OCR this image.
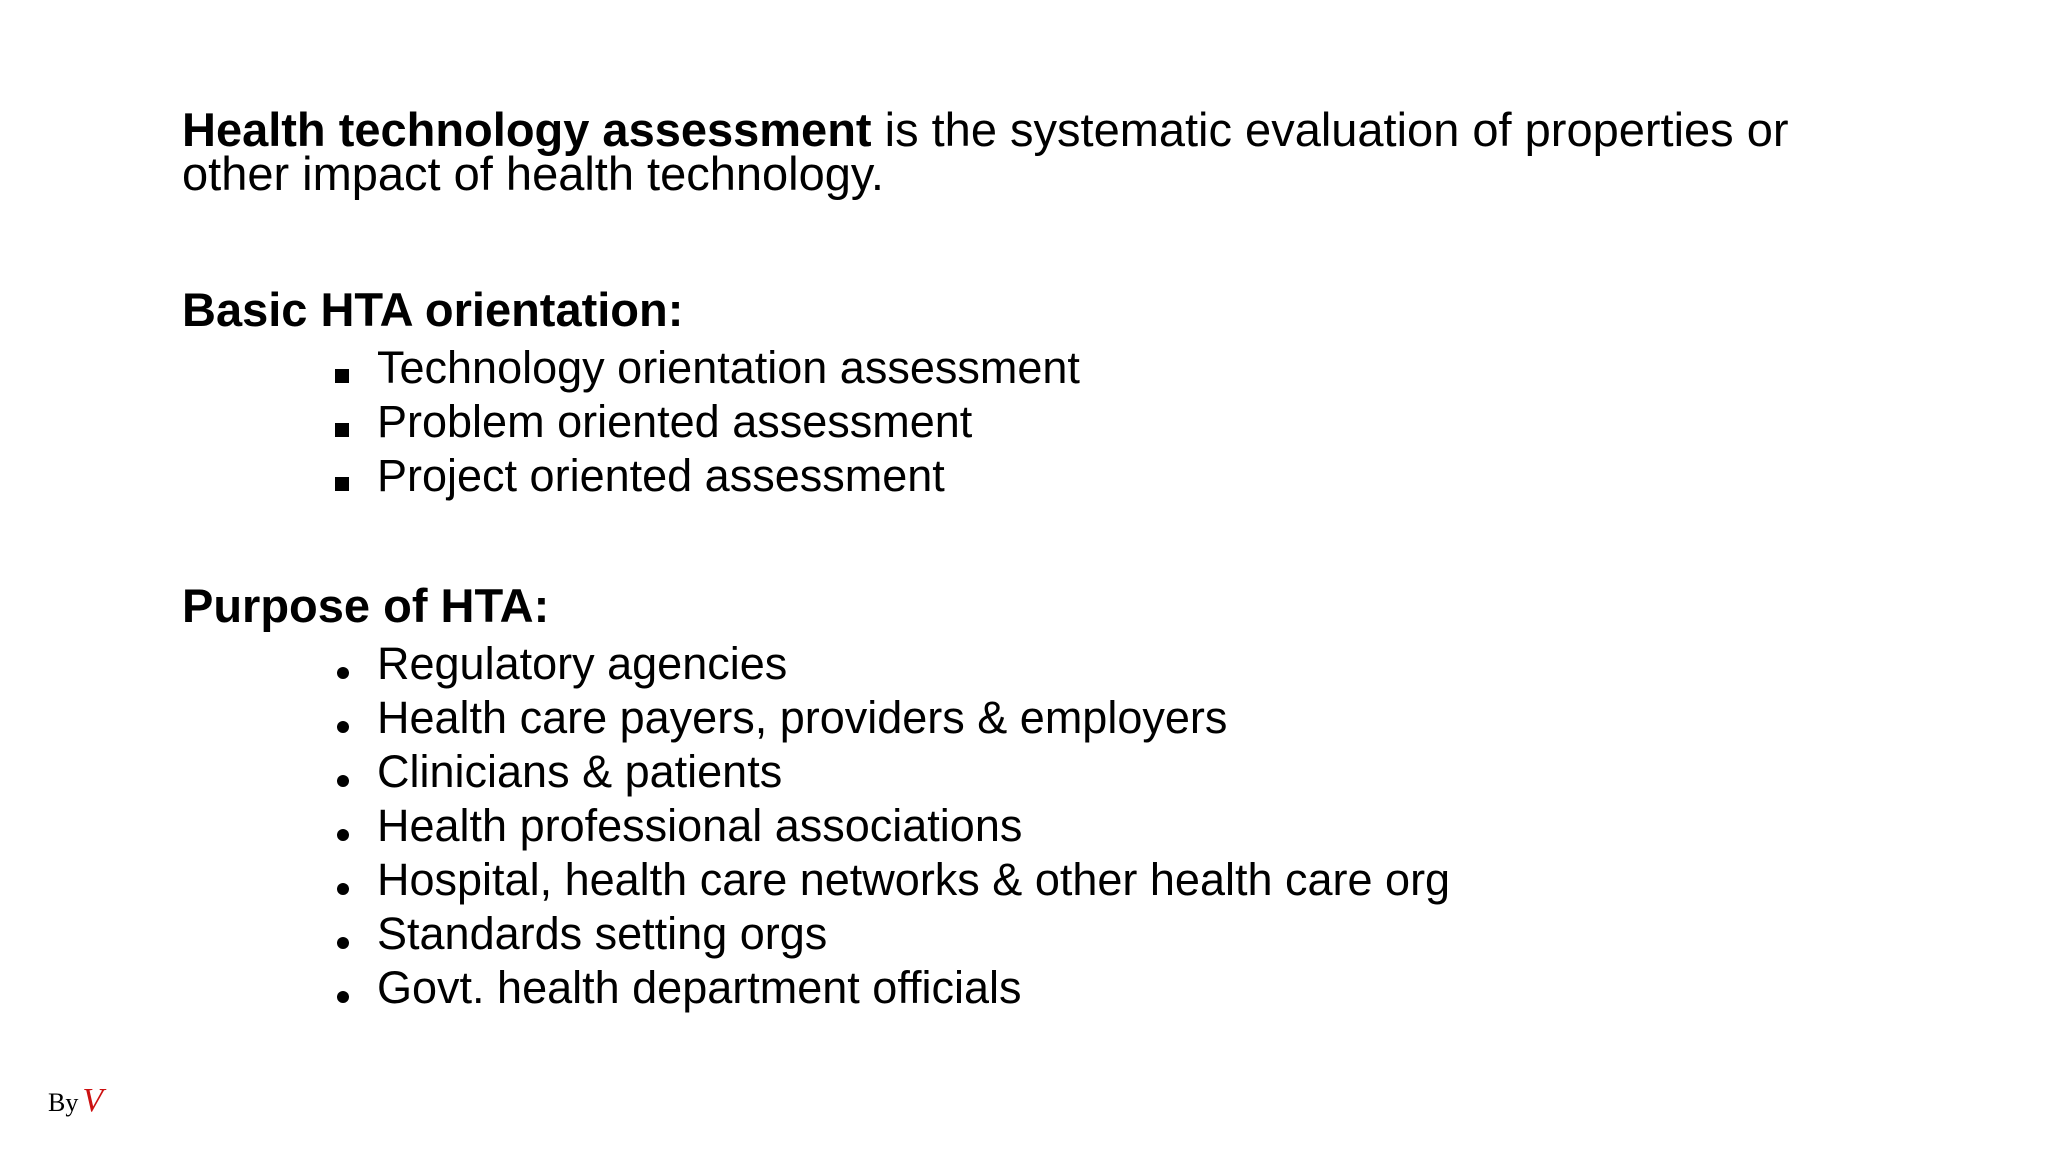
Health technology assessment is the systematic evaluation of properties or other impact of health technology.

Basic HTA orientation:
Technology orientation assessment
Problem oriented assessment
Project oriented assessment
Purpose of HTA:
Regulatory agencies
Health care payers, providers & employers
Clinicians & patients
Health professional associations
Hospital, health care networks & other health care org
Standards setting orgs
Govt. health department officials
By V
